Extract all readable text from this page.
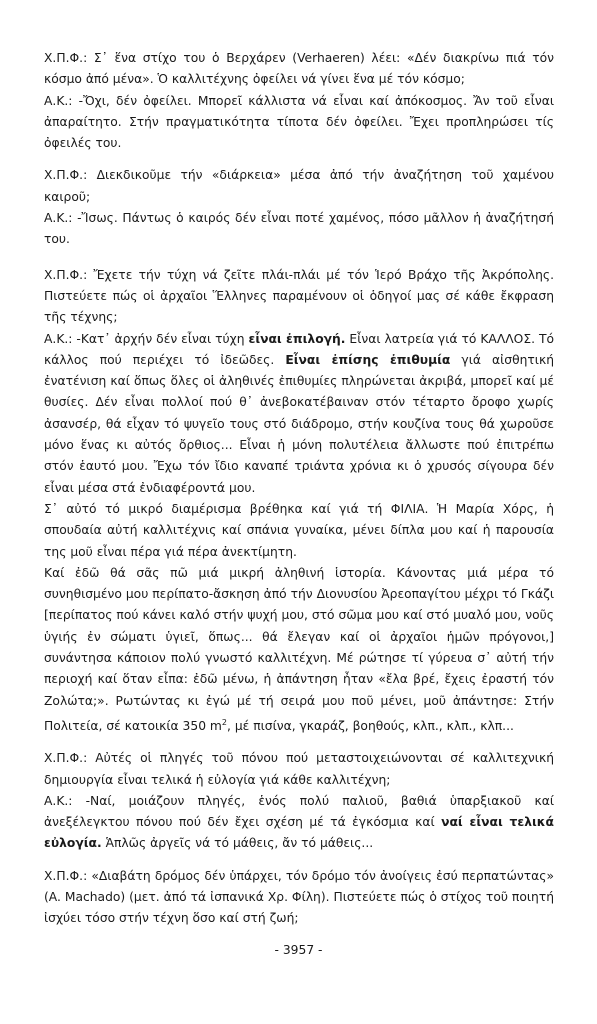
Χ.Π.Φ.: Σ᾽ ἕνα στίχο του ὁ Βερχάρεν (Verhaeren) λέει: «Δέν διακρίνω πιά τόν κόσμο ἀπό μένα». Ὁ καλλιτέχνης ὀφείλει νά γίνει ἕνα μέ τόν κόσμο;

Α.Κ.: -Ὄχι, δέν ὀφείλει. Μπορεῖ κάλλιστα νά εἶναι καί ἀπόκοσμος. Ἄν τοῦ εἶναι ἀπαραίτητο. Στήν πραγματικότητα τίποτα δέν ὀφείλει. Ἔχει προπληρώσει τίς ὀφειλές του.

Χ.Π.Φ.: Διεκδικοῦμε τήν «διάρκεια» μέσα ἀπό τήν ἀναζήτηση τοῦ χαμένου καιροῦ;

Α.Κ.: -Ἴσως. Πάντως ὁ καιρός δέν εἶναι ποτέ χαμένος, πόσο μᾶλλον ἡ ἀναζήτησή του.

Χ.Π.Φ.: Ἔχετε τήν τύχη νά ζεῖτε πλάι-πλάι μέ τόν Ἱερό Βράχο τῆς Ἀκρόπολης. Πιστεύετε πώς οἱ ἀρχαῖοι Ἕλληνες παραμένουν οἱ ὁδηγοί μας σέ κάθε ἔκφραση τῆς τέχνης;

Α.Κ.: -Κατ᾽ ἀρχήν δέν εἶναι τύχη εἶναι ἐπιλογή. Εἶναι λατρεία γιά τό ΚΑΛΛΟΣ. Τό κάλλος πού περιέχει τό ἰδεῶδες. Εἶναι ἐπίσης ἐπιθυμία γιά αἰσθητική ἐνατένιση καί ὅπως ὅλες οἱ ἀληθινές ἐπιθυμίες πληρώνεται ἀκριβά, μπορεῖ καί μέ θυσίες. Δέν εἶναι πολλοί πού θ᾽ ἀνεβοκατέβαιναν στόν τέταρτο ὄροφο χωρίς ἀσανσέρ, θά εἶχαν τό ψυγεῖο τους στό διάδρομο, στήν κουζίνα τους θά χωροῦσε μόνο ἕνας κι αὐτός ὄρθιος... Εἶναι ἡ μόνη πολυτέλεια ἄλλωστε πού ἐπιτρέπω στόν ἑαυτό μου. Ἔχω τόν ἴδιο καναπέ τριάντα χρόνια κι ὁ χρυσός σίγουρα δέν εἶναι μέσα στά ἐνδιαφέροντά μου.

Σ᾽ αὐτό τό μικρό διαμέρισμα βρέθηκα καί γιά τή ΦΙΛΙΑ. Ἡ Μαρία Χόρς, ἡ σπουδαία αὐτή καλλιτέχνις καί σπάνια γυναίκα, μένει δίπλα μου καί ἡ παρουσία της μοῦ εἶναι πέρα γιά πέρα ἀνεκτίμητη.

Καί ἐδῶ θά σᾶς πῶ μιά μικρή ἀληθινή ἱστορία. Κάνοντας μιά μέρα τό συνηθισμένο μου περίπατο-ἄσκηση ἀπό τήν Διονυσίου Ἀρεοπαγίτου μέχρι τό Γκάζι [περίπατος πού κάνει καλό στήν ψυχή μου, στό σῶμα μου καί στό μυαλό μου, νοῦς ὑγιής ἐν σώματι ὑγιεῖ, ὅπως... θά ἔλεγαν καί οἱ ἀρχαῖοι ἡμῶν πρόγονοι,] συνάντησα κάποιον πολύ γνωστό καλλιτέχνη. Μέ ρώτησε τί γύρευα σ᾽ αὐτή τήν περιοχή καί ὅταν εἶπα: ἐδῶ μένω, ἡ ἀπάντηση ἦταν «ἔλα βρέ, ἔχεις ἐραστή τόν Ζολώτα;». Ρωτώντας κι ἐγώ μέ τή σειρά μου ποῦ μένει, μοῦ ἀπάντησε: Στήν Πολιτεία, σέ κατοικία 350 $m^2$, μέ πισίνα, γκαράζ, βοηθούς, κλπ., κλπ., κλπ...

Χ.Π.Φ.: Αὐτές οἱ πληγές τοῦ πόνου πού μεταστοιχειώνονται σέ καλλιτεχνική δημιουργία εἶναι τελικά ἡ εὐλογία γιά κάθε καλλιτέχνη;

Α.Κ.: -Ναί, μοιάζουν πληγές, ἑνός πολύ παλιοῦ, βαθιά ὑπαρξιακοῦ καί ἀνεξέλεγκτου πόνου πού δέν ἔχει σχέση μέ τά ἐγκόσμια καί ναί εἶναι τελικά εὐλογία. Ἁπλῶς ἀργεῖς νά τό μάθεις, ἄν τό μάθεις...

Χ.Π.Φ.: «Διαβάτη δρόμος δέν ὑπάρχει, τόν δρόμο τόν ἀνοίγεις ἐσύ περπατώντας» (A. Machado) (μετ. ἀπό τά ἰσπανικά Χρ. Φίλη). Πιστεύετε πώς ὁ στίχος τοῦ ποιητή ἰσχύει τόσο στήν τέχνη ὅσο καί στή ζωή;

- 3957 -
